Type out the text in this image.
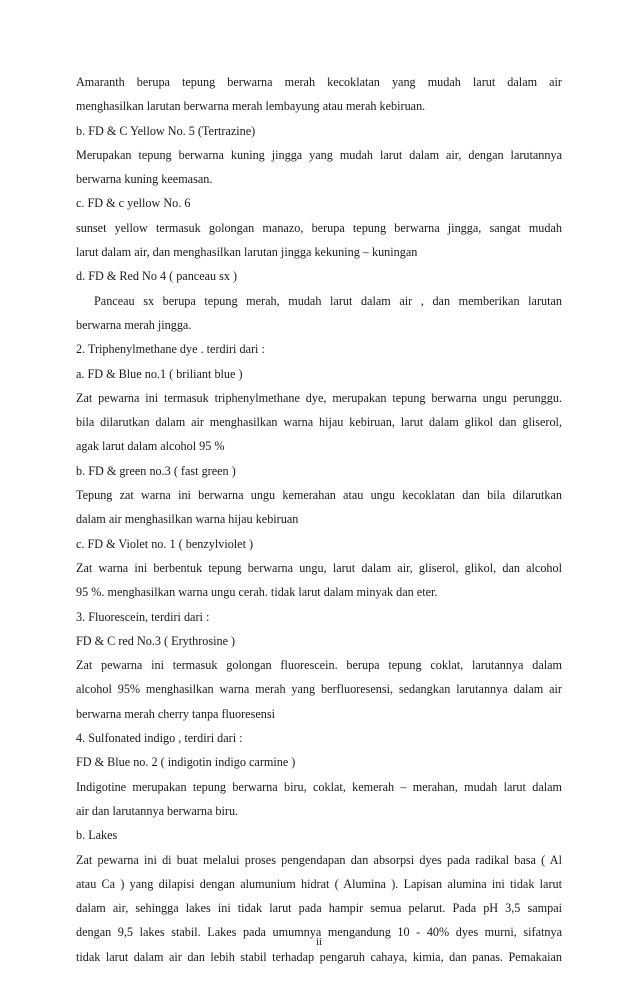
Amaranth berupa tepung berwarna merah kecoklatan yang mudah larut dalam air
menghasilkan larutan berwarna merah lembayung atau merah kebiruan.
b. FD & C Yellow No. 5 (Tertrazine)
Merupakan tepung berwarna kuning jingga yang mudah larut dalam air, dengan larutannya
berwarna kuning keemasan.
c. FD & c yellow No. 6
sunset yellow termasuk golongan manazo, berupa tepung berwarna jingga, sangat mudah
larut dalam air, dan menghasilkan larutan jingga kekuning – kuningan
d. FD & Red No 4 ( panceau sx )
Panceau sx berupa tepung merah, mudah larut dalam air , dan memberikan larutan
berwarna merah jingga.
2. Triphenylmethane dye . terdiri dari :
a. FD & Blue no.1 ( briliant blue )
Zat pewarna ini termasuk triphenylmethane dye, merupakan tepung berwarna ungu perunggu.
bila dilarutkan dalam air menghasilkan warna hijau kebiruan, larut dalam glikol dan gliserol,
agak larut dalam alcohol 95 %
b. FD & green no.3 ( fast green )
Tepung zat warna ini berwarna ungu kemerahan atau ungu kecoklatan dan bila dilarutkan
dalam air menghasilkan warna hijau kebiruan
c. FD & Violet no. 1 ( benzylviolet )
Zat warna ini berbentuk tepung berwarna ungu, larut dalam air, gliserol, glikol, dan alcohol
95 %. menghasilkan warna ungu cerah. tidak larut dalam minyak dan eter.
3. Fluorescein, terdiri dari :
FD & C red No.3 ( Erythrosine )
Zat pewarna ini termasuk golongan fluorescein. berupa tepung coklat, larutannya dalam
alcohol 95% menghasilkan warna merah yang berfluoresensi, sedangkan larutannya dalam air
berwarna merah cherry tanpa fluoresensi
4. Sulfonated indigo , terdiri dari :
FD & Blue no. 2 ( indigotin indigo carmine )
Indigotine merupakan tepung berwarna biru, coklat, kemerah – merahan, mudah larut dalam
air dan larutannya berwarna biru.
b. Lakes
Zat pewarna ini di buat melalui proses pengendapan dan absorpsi dyes pada radikal basa ( Al
atau Ca ) yang dilapisi dengan alumunium hidrat ( Alumina ). Lapisan alumina ini tidak larut
dalam air, sehingga lakes ini tidak larut pada hampir semua pelarut. Pada pH 3,5 sampai
dengan 9,5 lakes stabil. Lakes pada umumnya mengandung 10 - 40% dyes murni, sifatnya
tidak larut dalam air dan lebih stabil terhadap pengaruh cahaya, kimia, dan panas. Pemakaian
ii
